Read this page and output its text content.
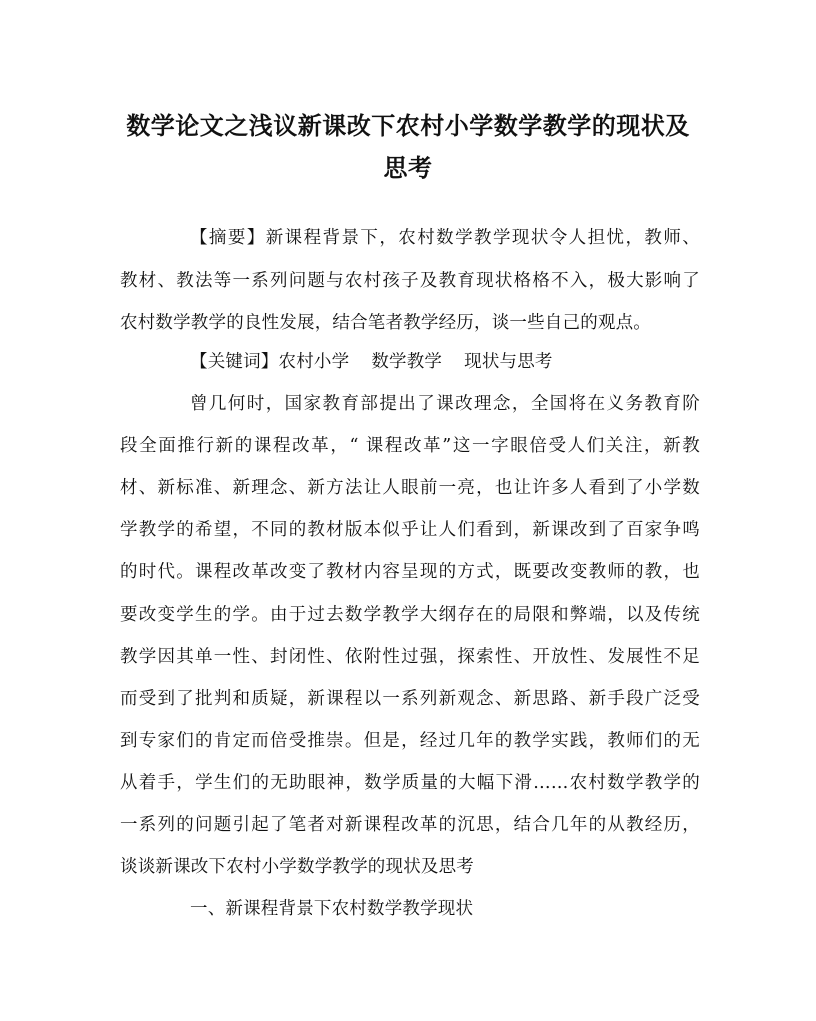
数学论文之浅议新课改下农村小学数学教学的现状及
思考
【摘要】新课程背景下，农村数学教学现状令人担忧，教师、
教材、教法等一系列问题与农村孩子及教育现状格格不入，极大影响了
农村数学教学的良性发展，结合笔者教学经历，谈一些自己的观点。
【关键词】农村小学 数学教学 现状与思考
曾几何时，国家教育部提出了课改理念，全国将在义务教育阶
段全面推行新的课程改革，“ 课程改革”这一字眼倍受人们关注，新教
材、新标准、新理念、新方法让人眼前一亮，也让许多人看到了小学数
学教学的希望，不同的教材版本似乎让人们看到，新课改到了百家争鸣
的时代。课程改革改变了教材内容呈现的方式，既要改变教师的教，也
要改变学生的学。由于过去数学教学大纲存在的局限和弊端，以及传统
教学因其单一性、封闭性、依附性过强，探索性、开放性、发展性不足
而受到了批判和质疑，新课程以一系列新观念、新思路、新手段广泛受
到专家们的肯定而倍受推崇。但是，经过几年的教学实践，教师们的无
从着手，学生们的无助眼神，数学质量的大幅下滑……农村数学教学的
一系列的问题引起了笔者对新课程改革的沉思，结合几年的从教经历，
谈谈新课改下农村小学数学教学的现状及思考
一、新课程背景下农村数学教学现状
